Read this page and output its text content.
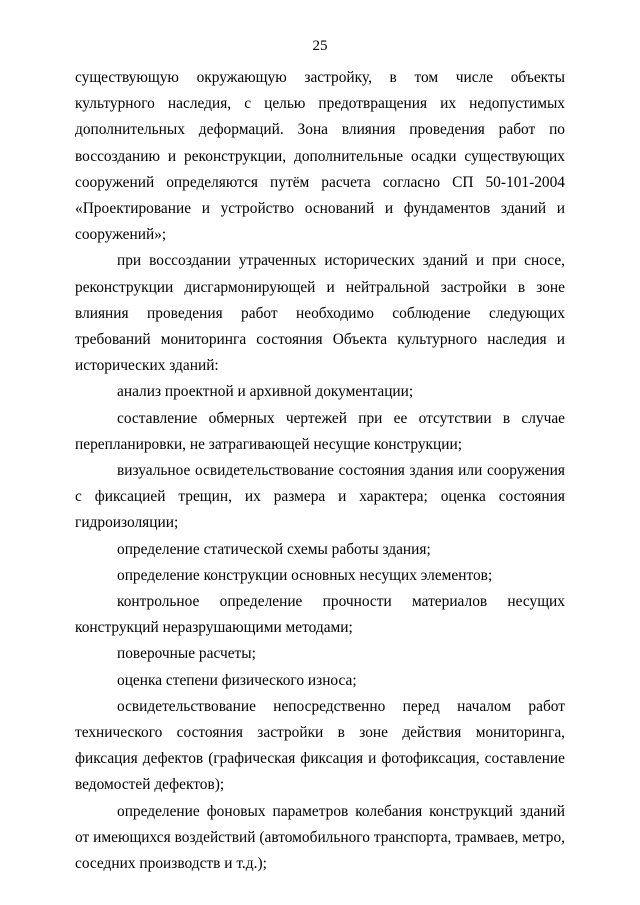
25

существующую окружающую застройку, в том числе объекты культурного наследия, с целью предотвращения их недопустимых дополнительных деформаций. Зона влияния проведения работ по воссозданию и реконструкции, дополнительные осадки существующих сооружений определяются путём расчета согласно СП 50-101-2004 «Проектирование и устройство оснований и фундаментов зданий и сооружений»;

при воссоздании утраченных исторических зданий и при сносе, реконструкции дисгармонирующей и нейтральной застройки в зоне влияния проведения работ необходимо соблюдение следующих требований мониторинга состояния Объекта культурного наследия и исторических зданий:

анализ проектной и архивной документации;

составление обмерных чертежей при ее отсутствии в случае перепланировки, не затрагивающей несущие конструкции;

визуальное освидетельствование состояния здания или сооружения с фиксацией трещин, их размера и характера; оценка состояния гидроизоляции;

определение статической схемы работы здания;

определение конструкции основных несущих элементов;

контрольное определение прочности материалов несущих конструкций неразрушающими методами;

поверочные расчеты;

оценка степени физического износа;

освидетельствование непосредственно перед началом работ технического состояния застройки в зоне действия мониторинга, фиксация дефектов (графическая фиксация и фотофиксация, составление ведомостей дефектов);

определение фоновых параметров колебания конструкций зданий от имеющихся воздействий (автомобильного транспорта, трамваев, метро, соседних производств и т.д.);
